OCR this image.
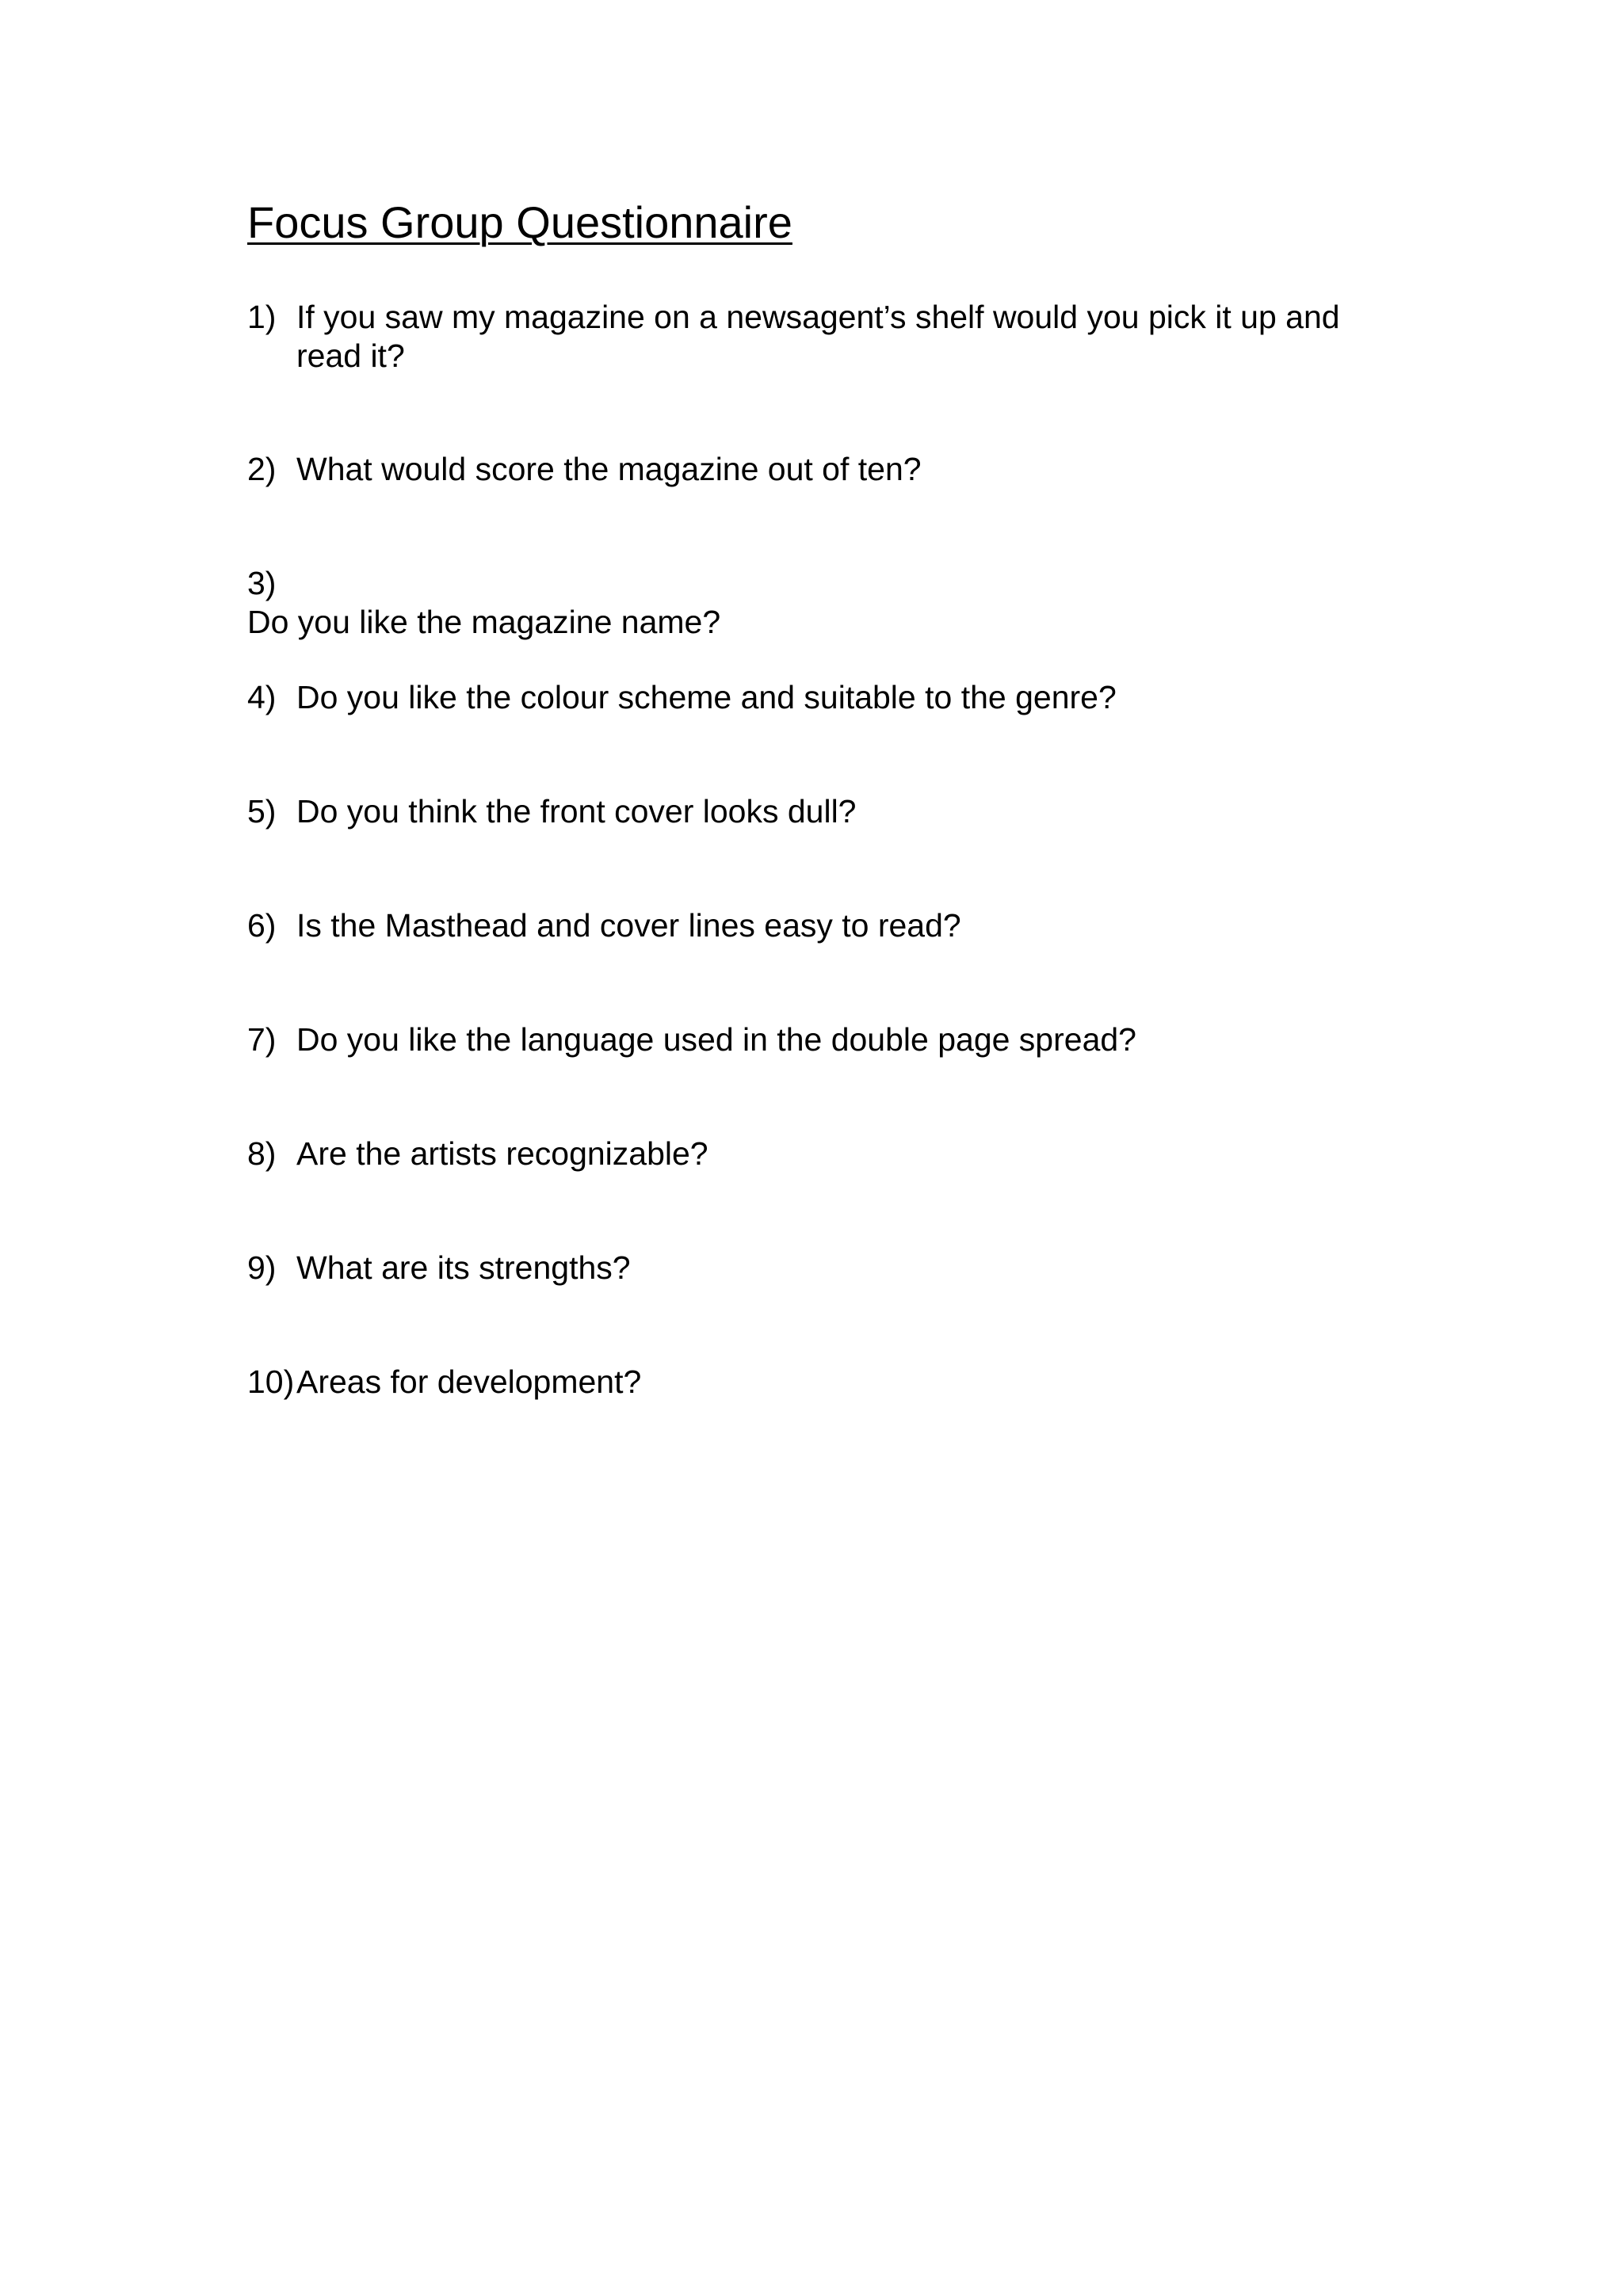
Focus Group Questionnaire
1) If you saw my magazine on a newsagent’s shelf would you pick it up and read it?
2) What would score the magazine out of ten?
3)
Do you like the magazine name?
4) Do you like the colour scheme and suitable to the genre?
5) Do you think the front cover looks dull?
6) Is the Masthead and cover lines easy to read?
7) Do you like the language used in the double page spread?
8) Are the artists recognizable?
9) What are its strengths?
10) Areas for development?
